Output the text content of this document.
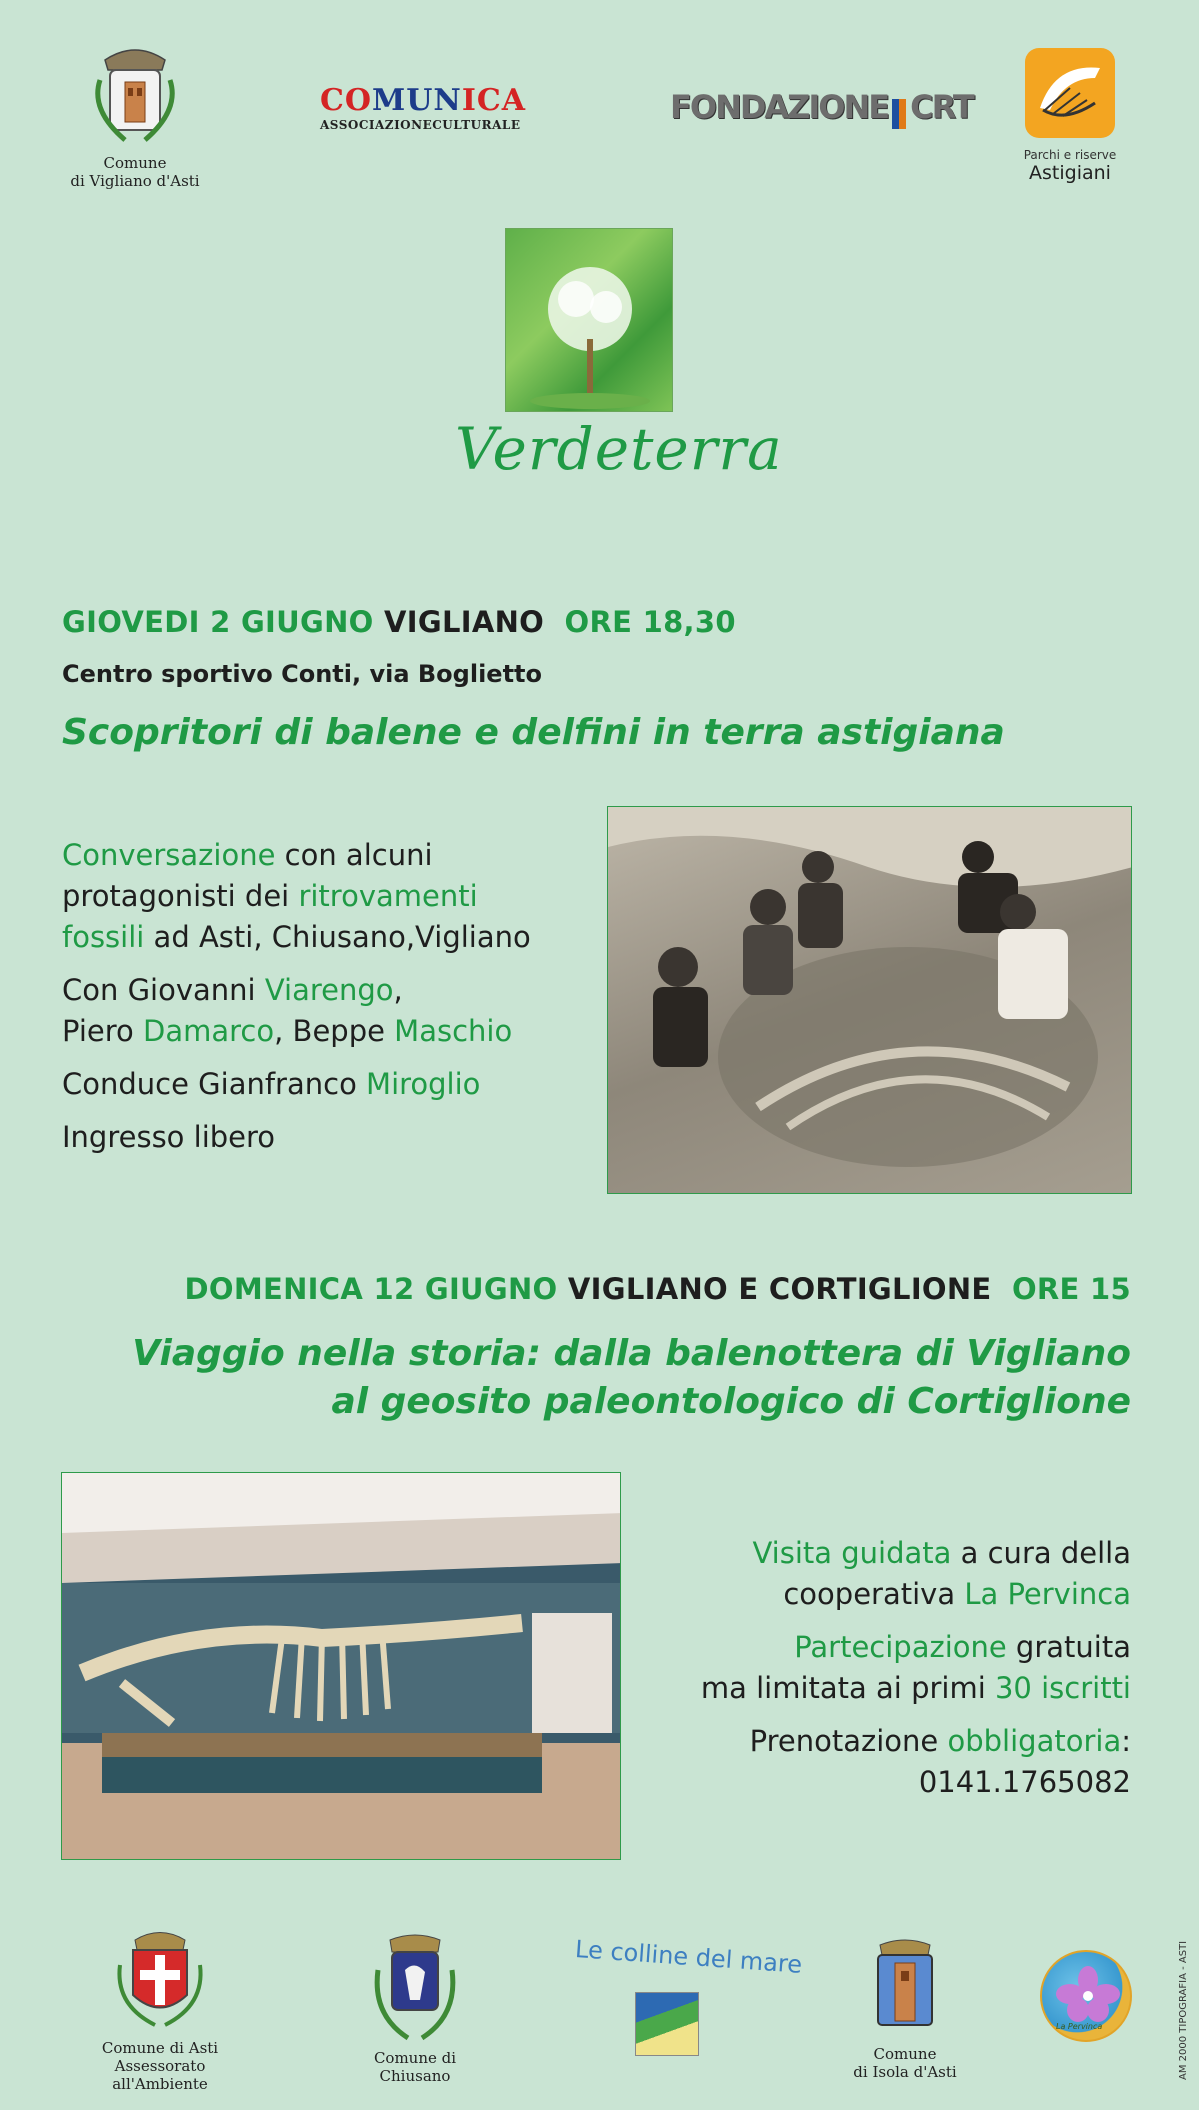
Comune
di Vigliano d'Asti
COMUNICA
ASSOCIAZIONECULTURALE	FONDAZIONE CRT
Parchi e riserve
Astigiani
Verdeterra
GIOVEDI 2 GIUGNO VIGLIANO ORE 18,30
Centro sportivo Conti, via Boglietto
Scopritori di balene e delfini in terra astigiana
Conversazione con alcuni
protagonisti dei ritrovamenti
fossili ad Asti, Chiusano,Vigliano
Con Giovanni Viarengo,
Piero Damarco, Beppe Maschio
Conduce Gianfranco Miroglio
Ingresso libero
DOMENICA 12 GIUGNO VIGLIANO E CORTIGLIONE ORE 15
Viaggio nella storia: dalla balenottera di Vigliano
al geosito paleontologico di Cortiglione
Visita guidata a cura della
cooperativa La Pervinca
Partecipazione gratuita
ma limitata ai primi 30 iscritti
Prenotazione obbligatoria:
0141.1765082
Comune di Asti
Assessorato all'Ambiente
Comune di Chiusano
Le colline del mare
Comune
di Isola d'Asti
La Pervinca	AM 2000 TIPOGRAFIA - ASTI
